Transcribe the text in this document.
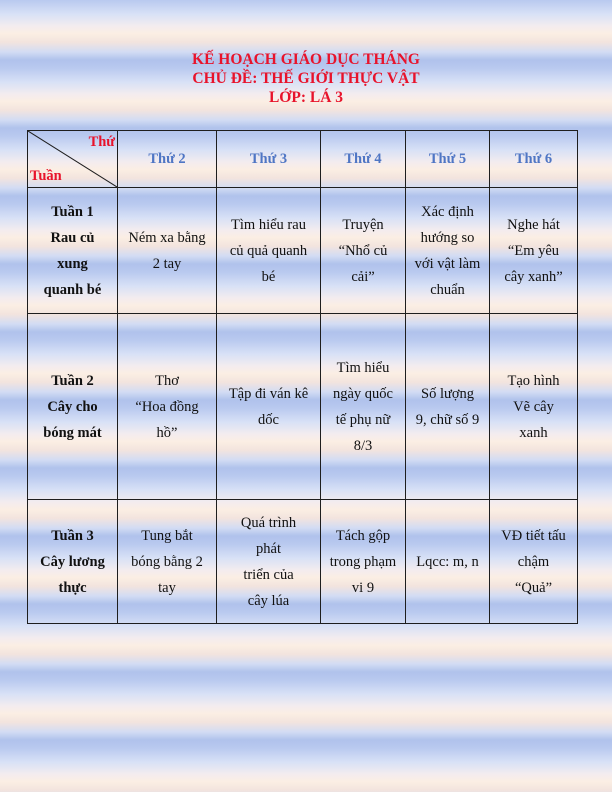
KẾ HOẠCH GIÁO DỤC THÁNG
CHỦ ĐỀ: THẾ GIỚI THỰC VẬT
LỚP: LÁ 3
Thứ
Tuần	Thứ 2	Thứ 3	Thứ 4	Thứ 5	Thứ 6

Tuần 1
Rau củ
xung
quanh bé	Ném xa bằng
2 tay	Tìm hiểu rau
củ quả quanh
bé	Truyện
“Nhổ củ
cải”	Xác định
hướng so
với vật làm
chuẩn	Nghe hát
“Em yêu
cây xanh”

Tuần 2
Cây cho
bóng mát	Thơ
“Hoa đồng
hồ”	Tập đi ván kê
dốc	Tìm hiểu
ngày quốc
tế phụ nữ
8/3	Số lượng
9, chữ số 9	Tạo hình
Vẽ cây
xanh

Tuần 3
Cây lương
thực	Tung bắt
bóng bằng 2
tay	Quá trình
phát
triển của
cây lúa	Tách gộp
trong phạm
vi 9	Lqcc: m, n	VĐ tiết tấu
chậm
“Quả”
